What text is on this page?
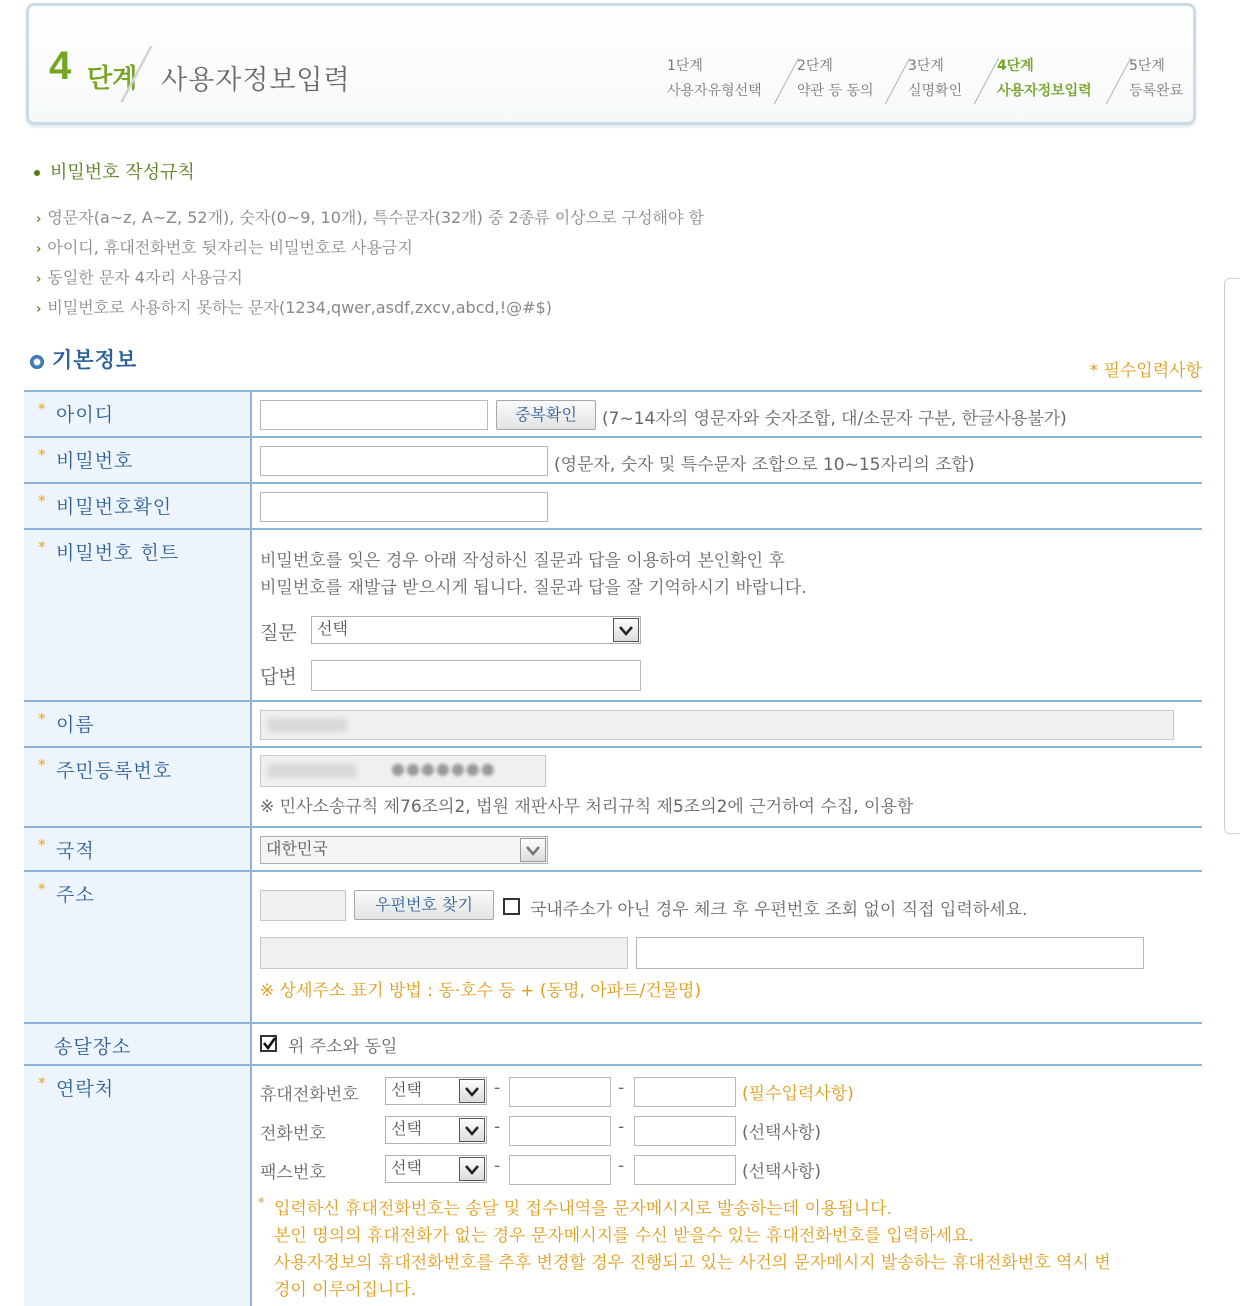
4 단계 사용자정보입력	1단계
사용자유형선택
2단계
약관 등 동의
3단계
실명확인
4단계
사용자정보입력
5단계
등록완료
비밀번호 작성규칙
› 영문자(a~z, A~Z, 52개), 숫자(0~9, 10개), 특수문자(32개) 중 2종류 이상으로 구성해야 함
› 아이디, 휴대전화번호 뒷자리는 비밀번호로 사용금지
› 동일한 문자 4자리 사용금지
› 비밀번호로 사용하지 못하는 문자(1234,qwer,asdf,zxcv,abcd,!@#$)
기본정보	* 필수입력사항
* 아이디	중복확인	(7~14자의 영문자와 숫자조합, 대/소문자 구분, 한글사용불가)
* 비밀번호	(영문자, 숫자 및 특수문자 조합으로 10~15자리의 조합)
* 비밀번호확인
* 비밀번호 힌트	비밀번호를 잊은 경우 아래 작성하신 질문과 답을 이용하여 본인확인 후
비밀번호를 재발급 받으시게 됩니다. 질문과 답을 잘 기억하시기 바랍니다.
질문	선택
답변
* 이름
* 주민등록번호	●●●●●●●
※ 민사소송규칙 제76조의2, 법원 재판사무 처리규칙 제5조의2에 근거하여 수집, 이용함
* 국적	대한민국
* 주소	우편번호 찾기	국내주소가 아닌 경우 체크 후 우편번호 조회 없이 직접 입력하세요.
※ 상세주소 표기 방법 : 동·호수 등 + (동명, 아파트/건물명)
송달장소	위 주소와 동일
* 연락처	휴대전화번호	선택	-	-	(필수입력사항)
전화번호	선택	-	-	(선택사항)
팩스번호	선택	-	-	(선택사항)
* 입력하신 휴대전화번호는 송달 및 접수내역을 문자메시지로 발송하는데 이용됩니다.
본인 명의의 휴대전화가 없는 경우 문자메시지를 수신 받을수 있는 휴대전화번호를 입력하세요.
사용자정보의 휴대전화번호를 추후 변경할 경우 진행되고 있는 사건의 문자메시지 발송하는 휴대전화번호 역시 변
경이 이루어집니다.
